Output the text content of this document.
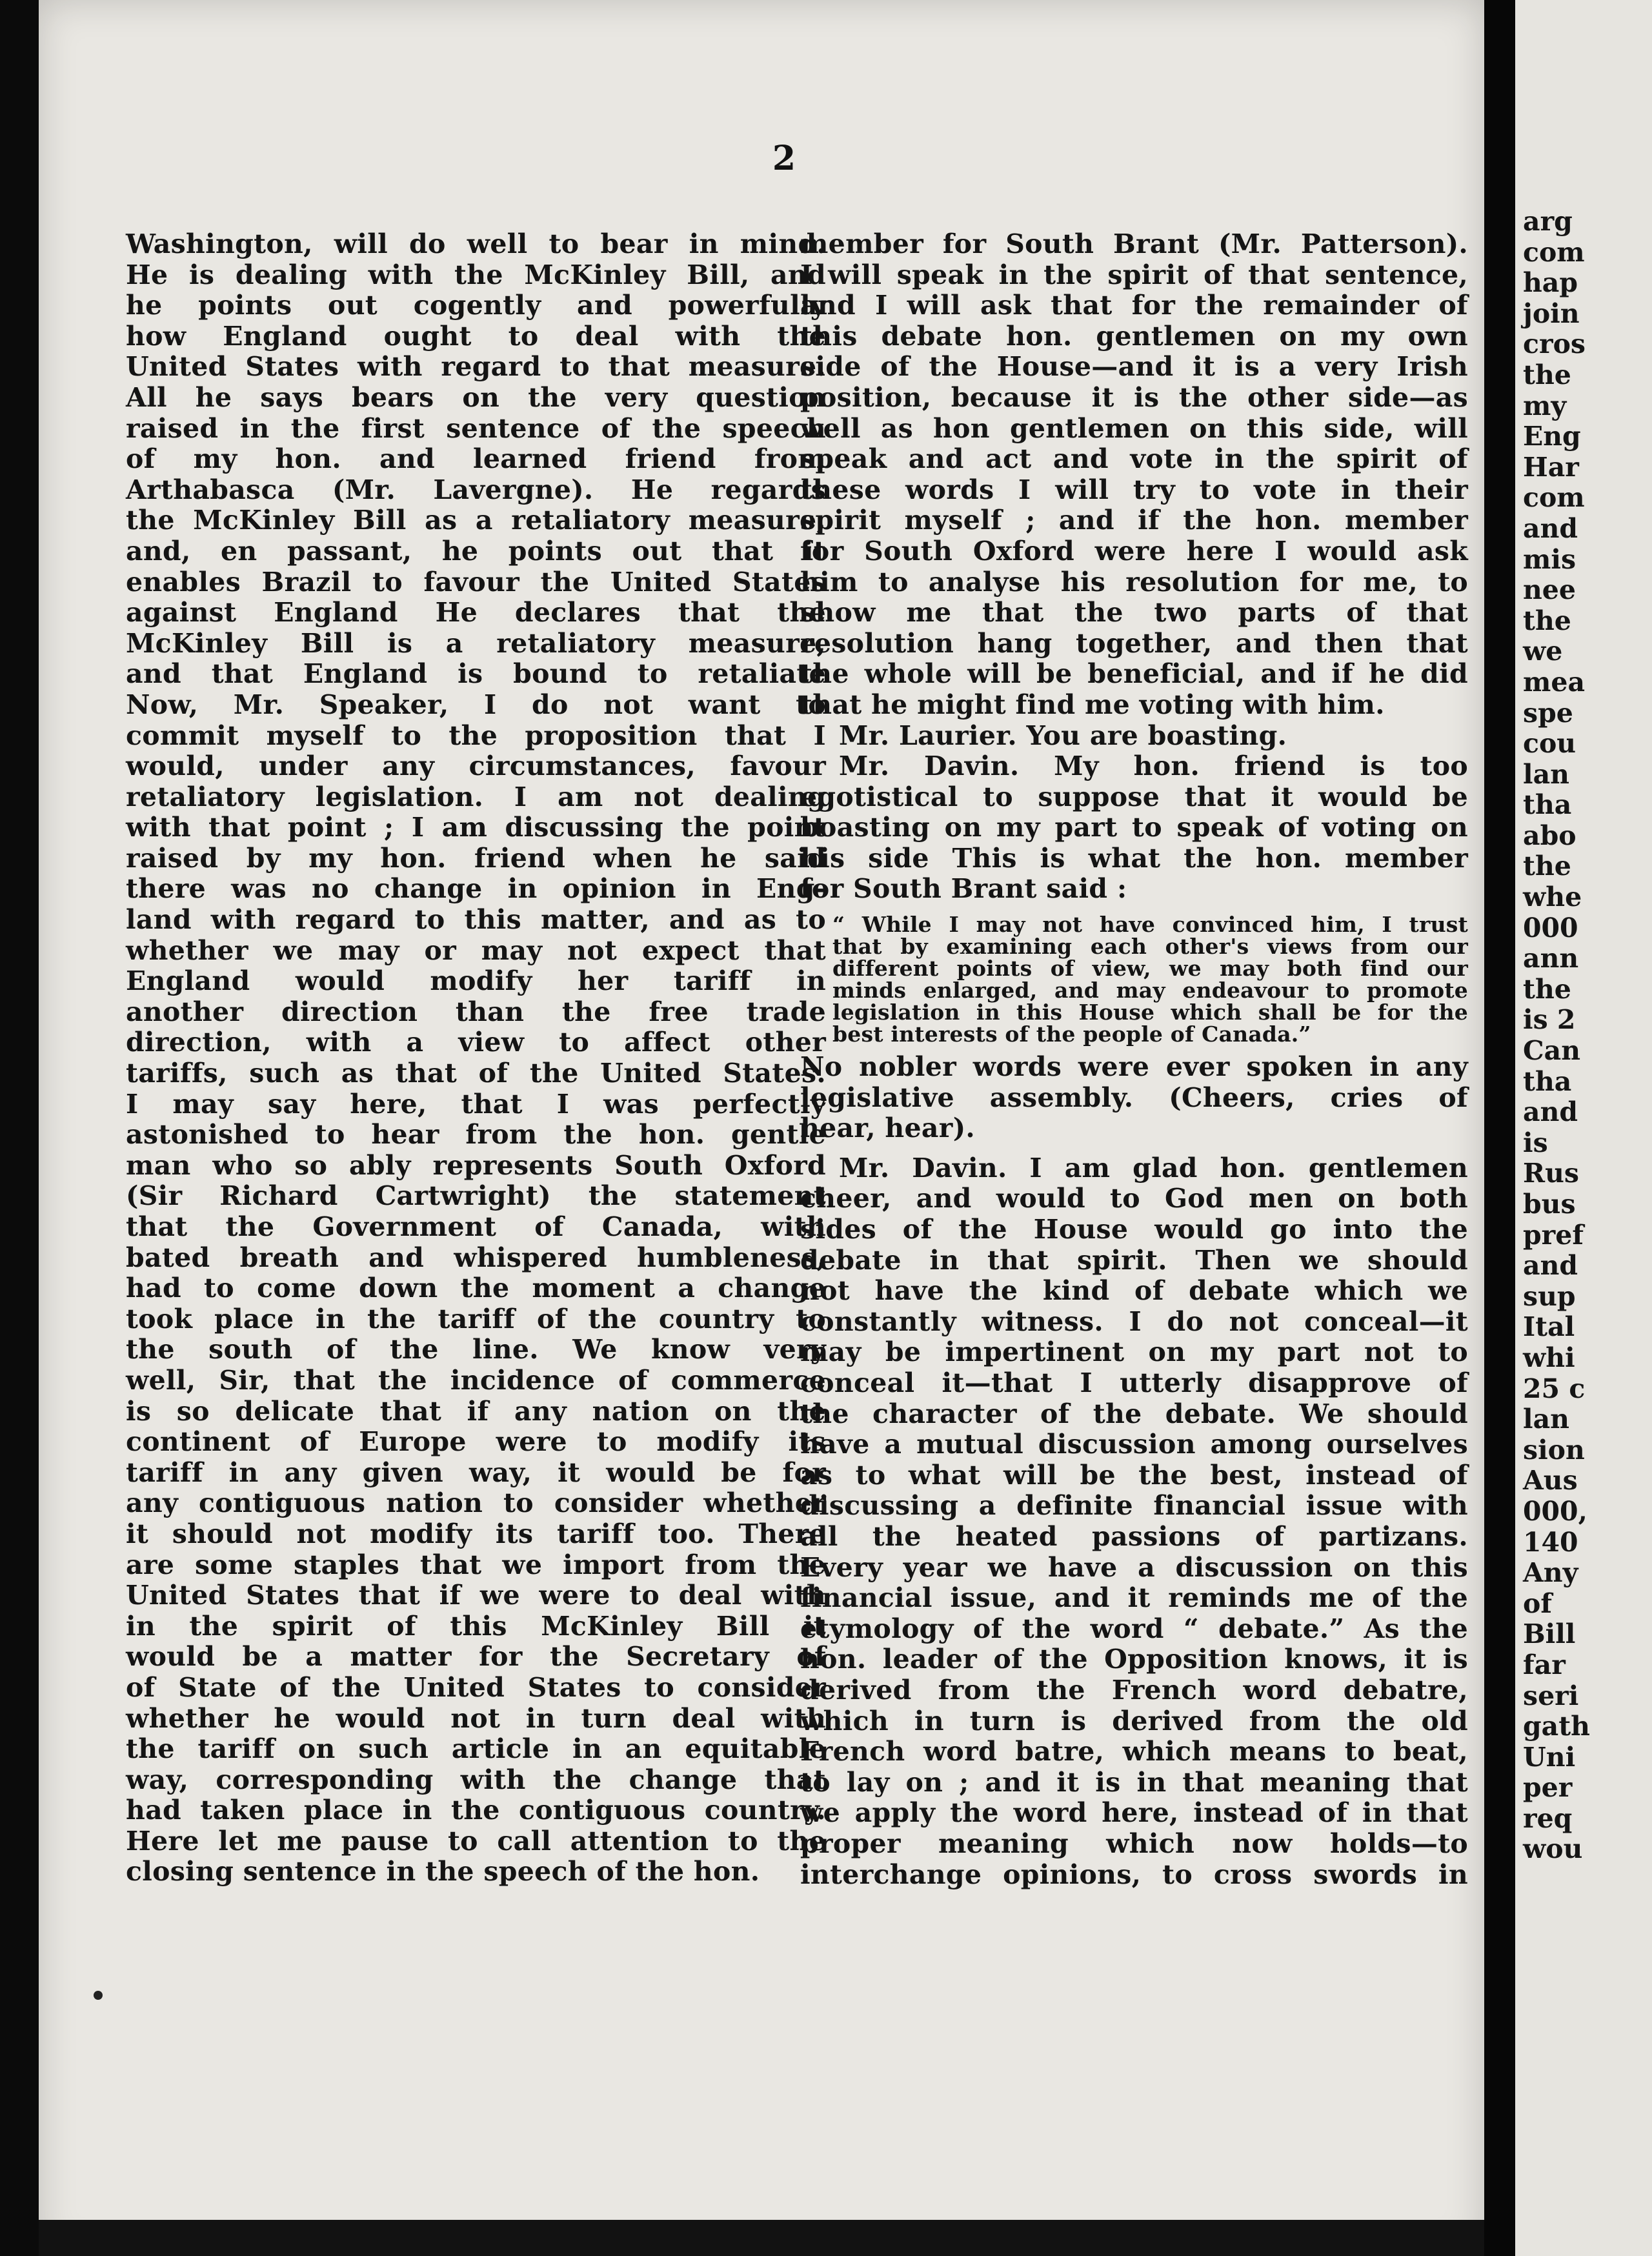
2
Washington, will do well to bear in mind.
He is dealing with the McKinley Bill, and
he points out cogently and powerfully
how England ought to deal with the
United States with regard to that measure.
All he says bears on the very question
raised in the first sentence of the speech
of my hon. and learned friend from
Arthabasca (Mr. Lavergne). He regards
the McKinley Bill as a retaliatory measure,
and, en passant, he points out that it
enables Brazil to favour the United States
against England He declares that the
McKinley Bill is a retaliatory measure,
and that England is bound to retaliate
Now, Mr. Speaker, I do not want to
commit myself to the proposition that I
would, under any circumstances, favour
retaliatory legislation. I am not dealing
with that point ; I am discussing the point
raised by my hon. friend when he said
there was no change in opinion in Eng-
land with regard to this matter, and as to
whether we may or may not expect that
England would modify her tariff in
another direction than the free trade
direction, with a view to affect other
tariffs, such as that of the United States.
I may say here, that I was perfectly
astonished to hear from the hon. gentle
man who so ably represents South Oxford
(Sir Richard Cartwright) the statement
that the Government of Canada, with
bated breath and whispered humbleness,
had to come down the moment a change
took place in the tariff of the country to
the south of the line. We know very
well, Sir, that the incidence of commerce
is so delicate that if any nation on the
continent of Europe were to modify its
tariff in any given way, it would be for
any contiguous nation to consider whether
it should not modify its tariff too. There
are some staples that we import from the
United States that if we were to deal with
in the spirit of this McKinley Bill it
would be a matter for the Secretary of
of State of the United States to consider
whether he would not in turn deal with
the tariff on such article in an equitable
way, corresponding with the change that
had taken place in the contiguous country.
Here let me pause to call attention to the
closing sentence in the speech of the hon.
member for South Brant (Mr. Patterson).
I will speak in the spirit of that sentence,
and I will ask that for the remainder of
this debate hon. gentlemen on my own
side of the House—and it is a very Irish
position, because it is the other side—as
well as hon gentlemen on this side, will
speak and act and vote in the spirit of
these words I will try to vote in their
spirit myself ; and if the hon. member
for South Oxford were here I would ask
him to analyse his resolution for me, to
show me that the two parts of that
resolution hang together, and then that
the whole will be beneficial, and if he did
that he might find me voting with him.
Mr. Laurier. You are boasting.
Mr. Davin. My hon. friend is too
egotistical to suppose that it would be
boasting on my part to speak of voting on
his side This is what the hon. member
for South Brant said :
“ While I may not have convinced him, I trust
that by examining each other's views from our
different points of view, we may both find our
minds enlarged, and may endeavour to promote
legislation in this House which shall be for the
best interests of the people of Canada.”
No nobler words were ever spoken in any
legislative assembly. (Cheers, cries of
hear, hear).
Mr. Davin. I am glad hon. gentlemen
cheer, and would to God men on both
sides of the House would go into the
debate in that spirit. Then we should
not have the kind of debate which we
constantly witness. I do not conceal—it
may be impertinent on my part not to
conceal it—that I utterly disapprove of
the character of the debate. We should
have a mutual discussion among ourselves
as to what will be the best, instead of
discussing a definite financial issue with
all the heated passions of partizans.
Every year we have a discussion on this
financial issue, and it reminds me of the
etymology of the word “ debate.” As the
hon. leader of the Opposition knows, it is
derived from the French word debatre,
which in turn is derived from the old
French word batre, which means to beat,
to lay on ; and it is in that meaning that
we apply the word here, instead of in that
proper meaning which now holds—to
interchange opinions, to cross swords in
arg
com
hap
join
cros
the
my
Eng
Har
com
and
mis
nee
the
we
mea
spe
cou
lan
tha
abo
the
whe
000
ann
the
is 2
Can
tha
and
is
Rus
bus
pref
and
sup
Ital
whi
25 c
lan
sion
Aus
000,
140
Any
of
Bill
far
seri
gath
Uni
per
req
wou
